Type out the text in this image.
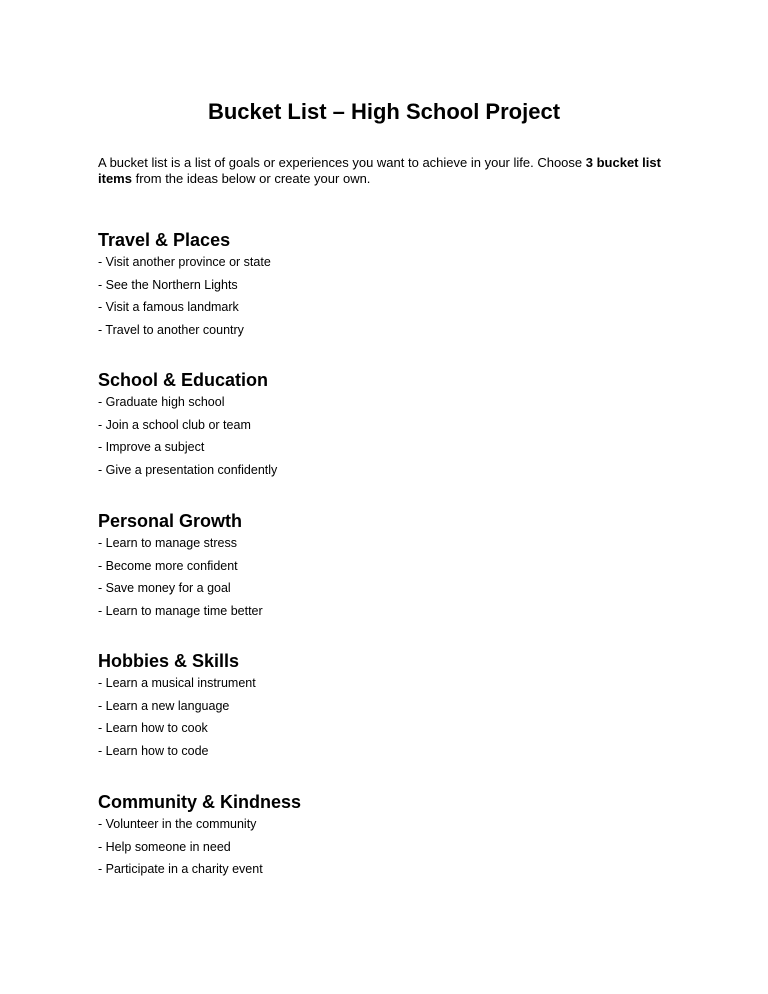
Bucket List – High School Project

A bucket list is a list of goals or experiences you want to achieve in your life. Choose 3 bucket list items from the ideas below or create your own.

Travel & Places
- Visit another province or state
- See the Northern Lights
- Visit a famous landmark
- Travel to another country
School & Education
- Graduate high school
- Join a school club or team
- Improve a subject
- Give a presentation confidently
Personal Growth
- Learn to manage stress
- Become more confident
- Save money for a goal
- Learn to manage time better
Hobbies & Skills
- Learn a musical instrument
- Learn a new language
- Learn how to cook
- Learn how to code
Community & Kindness
- Volunteer in the community
- Help someone in need
- Participate in a charity event
